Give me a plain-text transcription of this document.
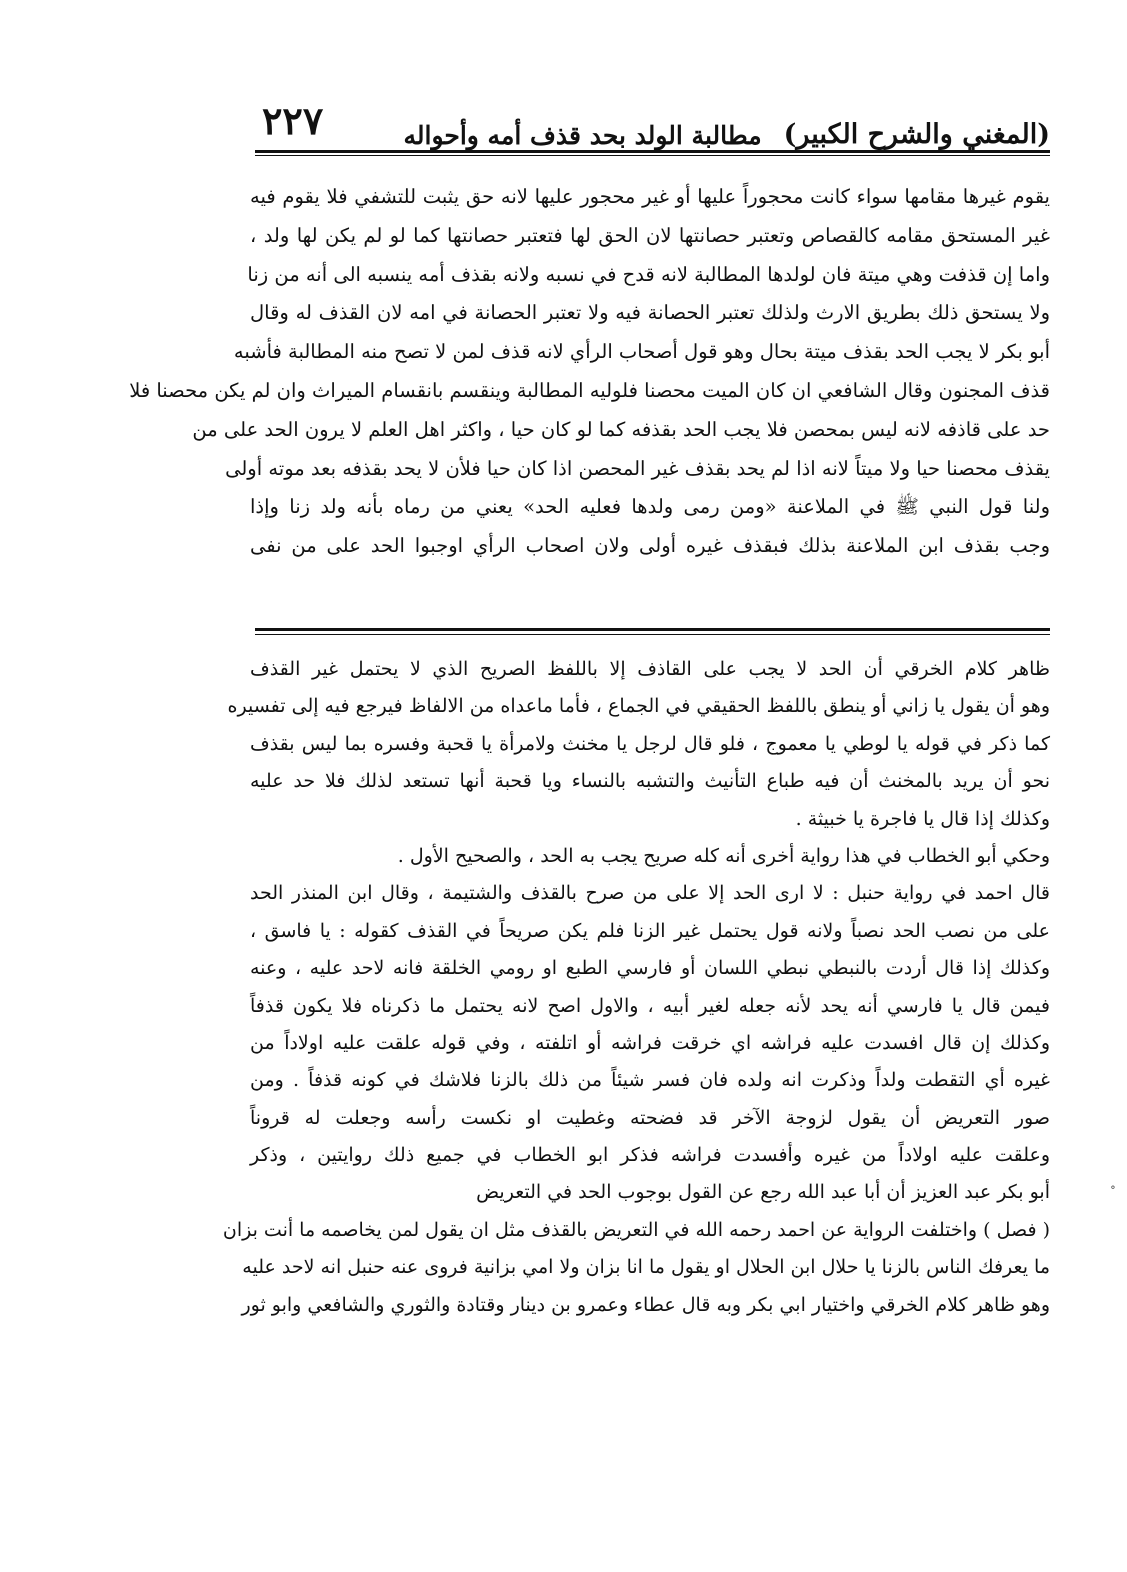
(المغني والشرح الكبير)
مطالبة الولد بحد قذف أمه وأحواله
٢٢٧
يقوم غيرها مقامها سواء كانت محجوراً عليها أو غير محجور عليها لانه حق يثبت للتشفي فلا يقوم فيه
غير المستحق مقامه كالقصاص وتعتبر حصانتها لان الحق لها فتعتبر حصانتها كما لو لم يكن لها ولد ،
واما إن قذفت وهي ميتة فان لولدها المطالبة لانه قدح في نسبه ولانه بقذف أمه ينسبه الى أنه من زنا
ولا يستحق ذلك بطريق الارث ولذلك تعتبر الحصانة فيه ولا تعتبر الحصانة في امه لان القذف له وقال
أبو بكر لا يجب الحد بقذف ميتة بحال وهو قول أصحاب الرأي لانه قذف لمن لا تصح منه المطالبة فأشبه
قذف المجنون وقال الشافعي ان كان الميت محصنا فلوليه المطالبة وينقسم بانقسام الميراث وان لم يكن محصنا فلا
حد على قاذفه لانه ليس بمحصن فلا يجب الحد بقذفه كما لو كان حيا ، واكثر اهل العلم لا يرون الحد على من
يقذف محصنا حيا ولا ميتاً لانه اذا لم يحد بقذف غير المحصن اذا كان حيا فلأن لا يحد بقذفه بعد موته أولى
ولنا قول النبي ﷺ في الملاعنة «ومن رمى ولدها فعليه الحد» يعني من رماه بأنه ولد زنا وإذا
وجب بقذف ابن الملاعنة بذلك فبقذف غيره أولى ولان اصحاب الرأي اوجبوا الحد على من نفى
ظاهر كلام الخرقي أن الحد لا يجب على القاذف إلا باللفظ الصريح الذي لا يحتمل غير القذف
وهو أن يقول يا زاني أو ينطق باللفظ الحقيقي في الجماع ، فأما ماعداه من الالفاظ فيرجع فيه إلى تفسيره
كما ذكر في قوله يا لوطي يا معموج ، فلو قال لرجل يا مخنث ولامرأة يا قحبة وفسره بما ليس بقذف
نحو أن يريد بالمخنث أن فيه طباع التأنيث والتشبه بالنساء ويا قحبة أنها تستعد لذلك فلا حد عليه
وكذلك إذا قال يا فاجرة يا خبيثة .
وحكي أبو الخطاب في هذا رواية أخرى أنه كله صريح يجب به الحد ، والصحيح الأول .
قال احمد في رواية حنبل : لا ارى الحد إلا على من صرح بالقذف والشتيمة ، وقال ابن المنذر الحد
على من نصب الحد نصباً ولانه قول يحتمل غير الزنا فلم يكن صريحاً في القذف كقوله : يا فاسق ،
وكذلك إذا قال أردت بالنبطي نبطي اللسان أو فارسي الطبع او رومي الخلقة فانه لاحد عليه ، وعنه
فيمن قال يا فارسي أنه يحد لأنه جعله لغير أبيه ، والاول اصح لانه يحتمل ما ذكرناه فلا يكون قذفاً
وكذلك إن قال افسدت عليه فراشه اي خرقت فراشه أو اتلفته ، وفي قوله علقت عليه اولاداً من
غيره أي التقطت ولداً وذكرت انه ولده فان فسر شيئاً من ذلك بالزنا فلاشك في كونه قذفاً . ومن
صور التعريض أن يقول لزوجة الآخر قد فضحته وغطيت او نكست رأسه وجعلت له قروناً
وعلقت عليه اولاداً من غيره وأفسدت فراشه فذكر ابو الخطاب في جميع ذلك روايتين ، وذكر
أبو بكر عبد العزيز أن أبا عبد الله رجع عن القول بوجوب الحد في التعريض
( فصل ) واختلفت الرواية عن احمد رحمه الله في التعريض بالقذف مثل ان يقول لمن يخاصمه ما أنت بزان
ما يعرفك الناس بالزنا يا حلال ابن الحلال او يقول ما انا بزان ولا امي بزانية فروى عنه حنبل انه لاحد عليه
وهو ظاهر كلام الخرقي واختيار ابي بكر وبه قال عطاء وعمرو بن دينار وقتادة والثوري والشافعي وابو ثور
∘
